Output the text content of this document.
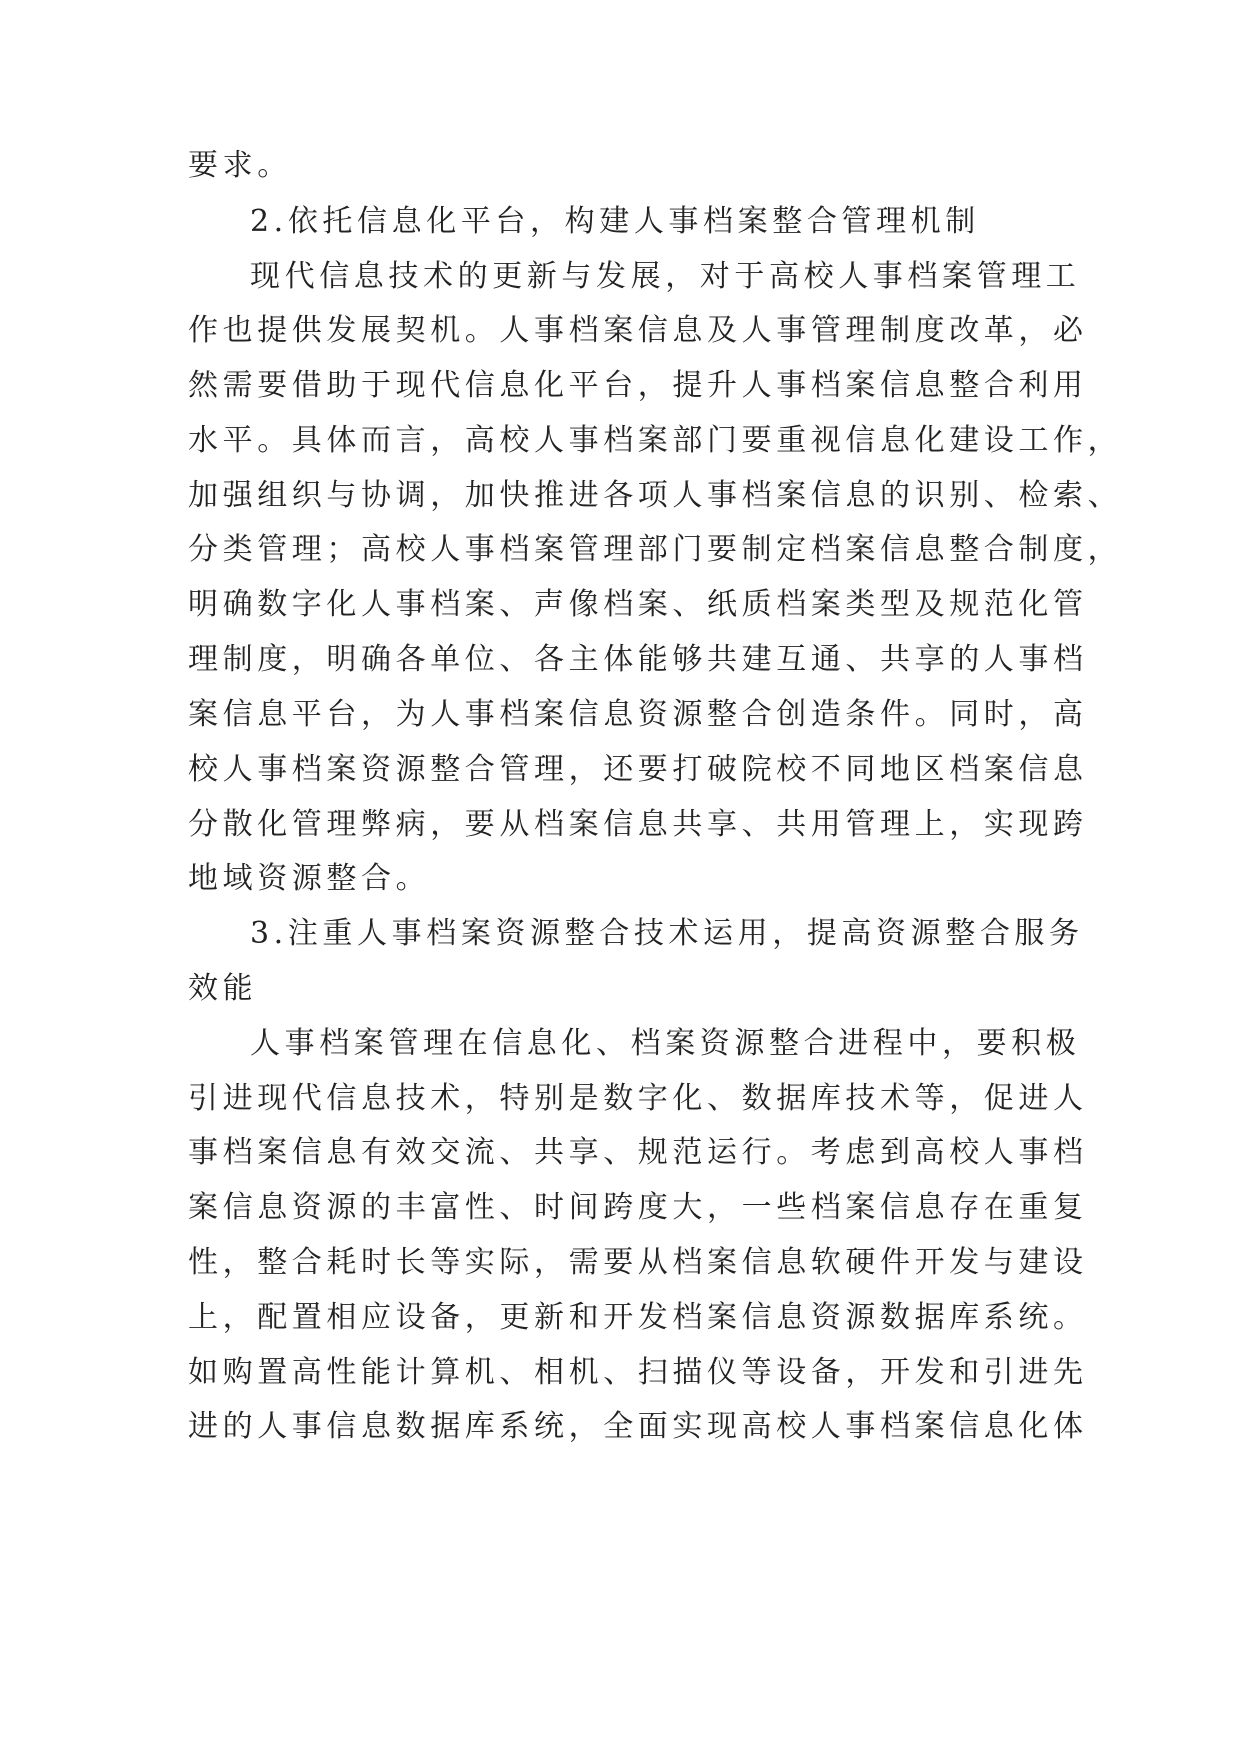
要求。
2.依托信息化平台，构建人事档案整合管理机制
现代信息技术的更新与发展，对于高校人事档案管理工
作也提供发展契机。人事档案信息及人事管理制度改革，必
然需要借助于现代信息化平台，提升人事档案信息整合利用
水平。具体而言，高校人事档案部门要重视信息化建设工作，
加强组织与协调，加快推进各项人事档案信息的识别、检索、
分类管理；高校人事档案管理部门要制定档案信息整合制度，
明确数字化人事档案、声像档案、纸质档案类型及规范化管
理制度，明确各单位、各主体能够共建互通、共享的人事档
案信息平台，为人事档案信息资源整合创造条件。同时，高
校人事档案资源整合管理，还要打破院校不同地区档案信息
分散化管理弊病，要从档案信息共享、共用管理上，实现跨
地域资源整合。
3.注重人事档案资源整合技术运用，提高资源整合服务
效能
人事档案管理在信息化、档案资源整合进程中，要积极
引进现代信息技术，特别是数字化、数据库技术等，促进人
事档案信息有效交流、共享、规范运行。考虑到高校人事档
案信息资源的丰富性、时间跨度大，一些档案信息存在重复
性，整合耗时长等实际，需要从档案信息软硬件开发与建设
上，配置相应设备，更新和开发档案信息资源数据库系统。
如购置高性能计算机、相机、扫描仪等设备，开发和引进先
进的人事信息数据库系统，全面实现高校人事档案信息化体
